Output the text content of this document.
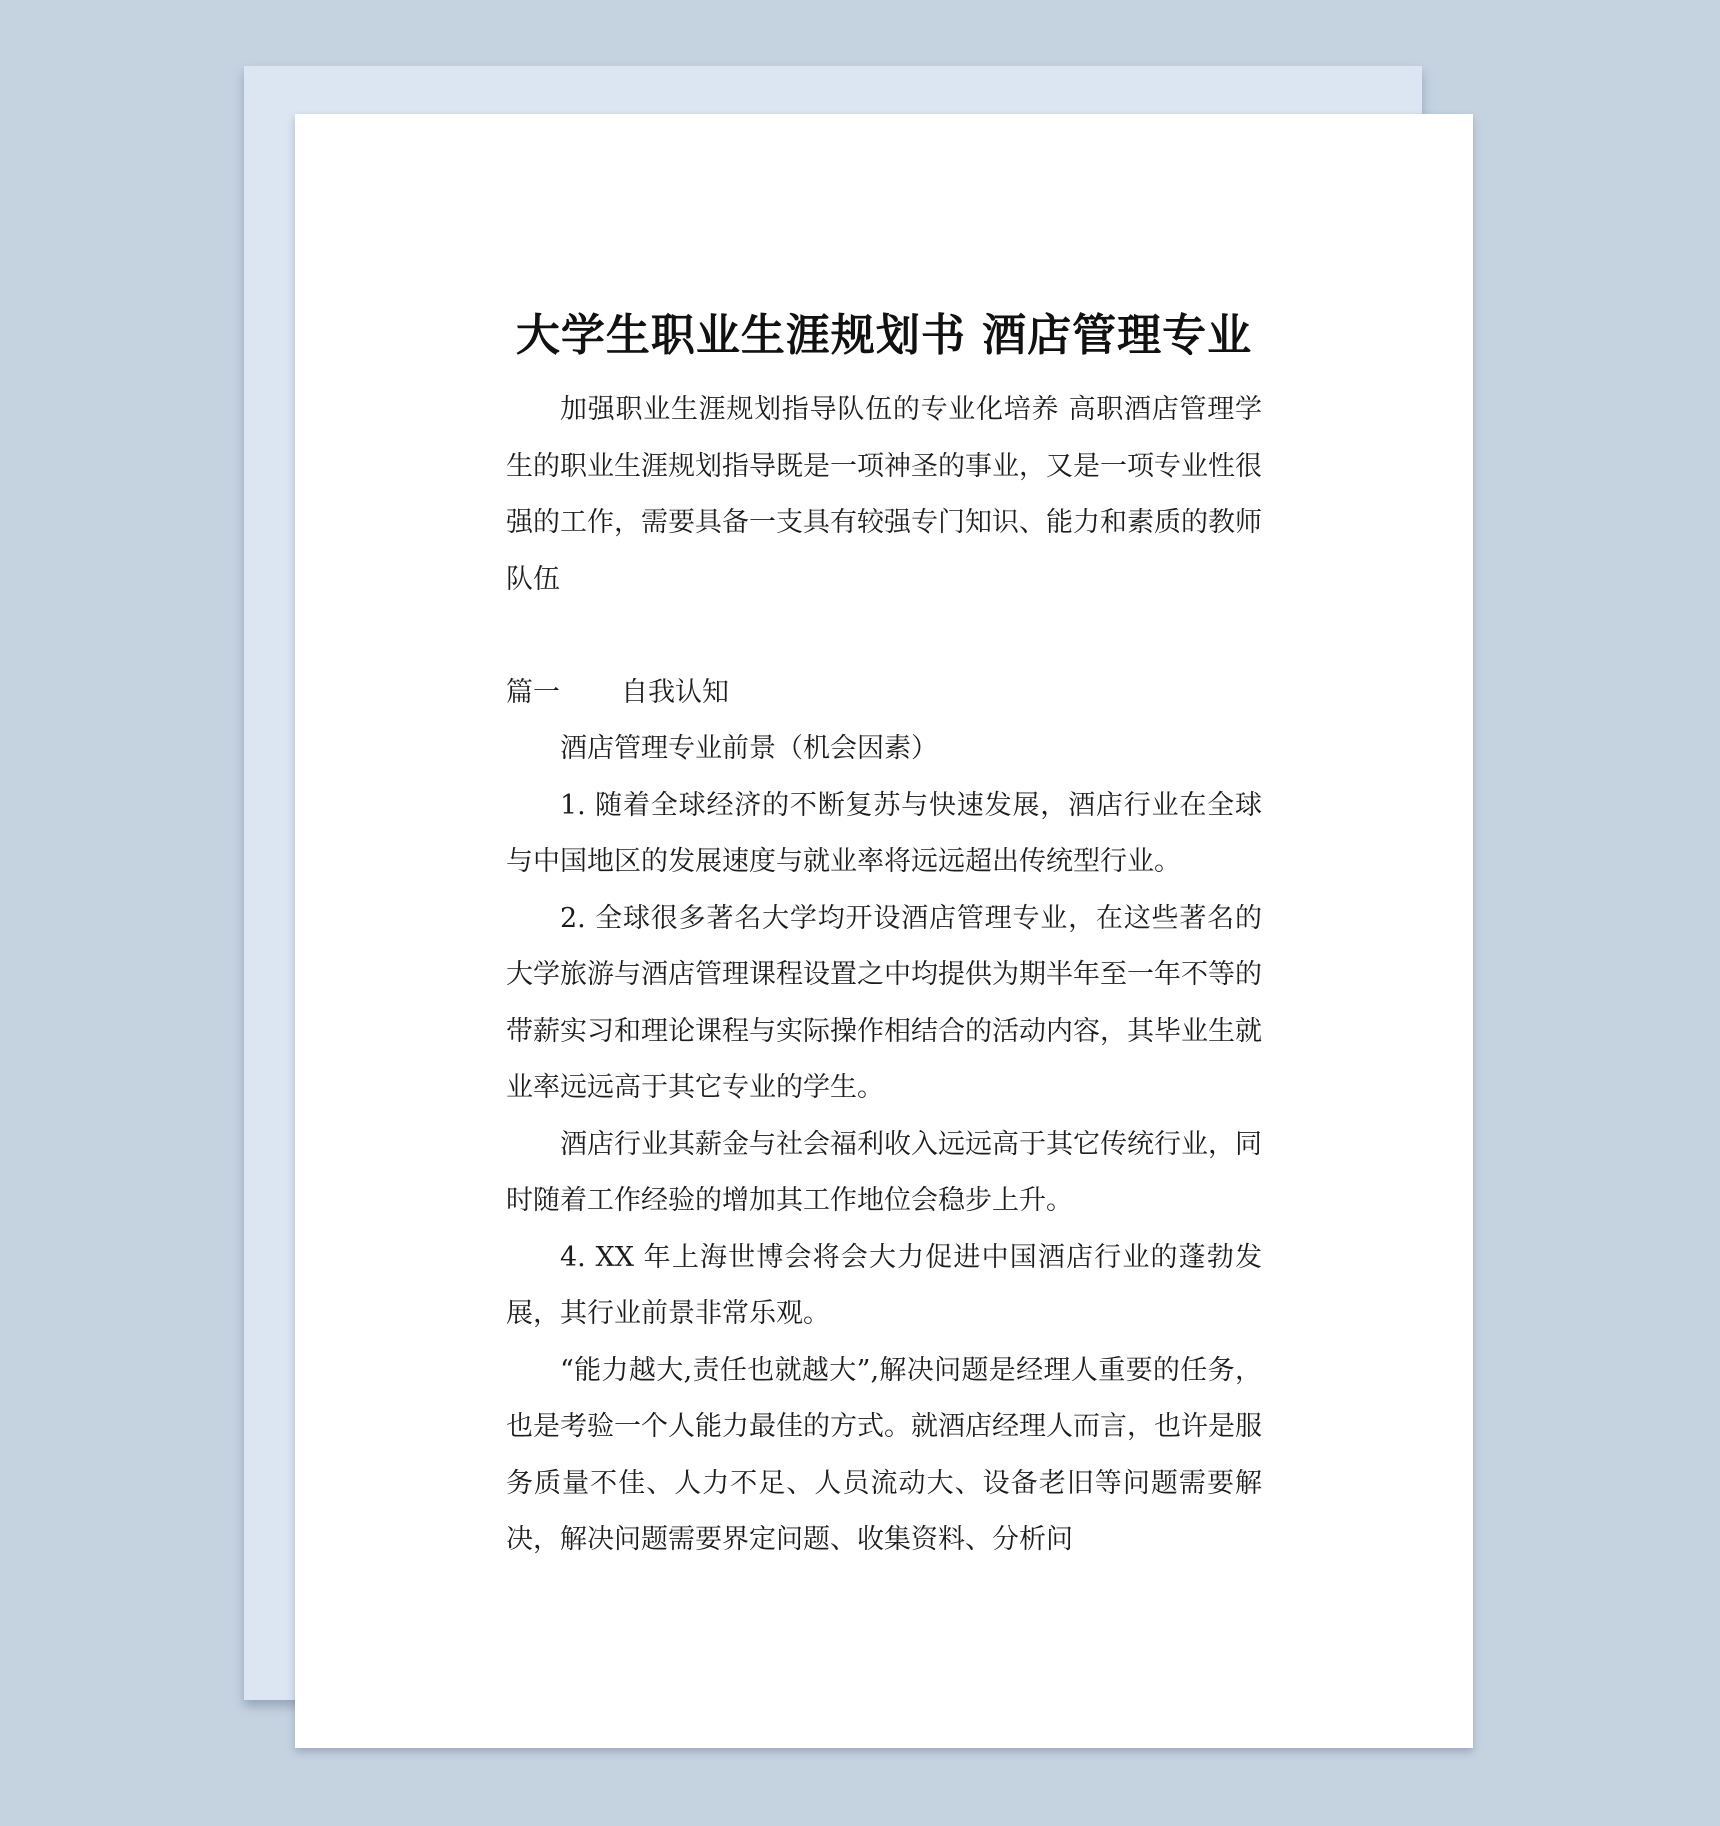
大学生职业生涯规划书 酒店管理专业

加强职业生涯规划指导队伍的专业化培养 高职酒店管理学生的职业生涯规划指导既是一项神圣的事业，又是一项专业性很强的工作，需要具备一支具有较强专门知识、能力和素质的教师队伍

篇一 自我认知

酒店管理专业前景（机会因素）

1. 随着全球经济的不断复苏与快速发展，酒店行业在全球与中国地区的发展速度与就业率将远远超出传统型行业。

2. 全球很多著名大学均开设酒店管理专业，在这些著名的大学旅游与酒店管理课程设置之中均提供为期半年至一年不等的带薪实习和理论课程与实际操作相结合的活动内容，其毕业生就业率远远高于其它专业的学生。

酒店行业其薪金与社会福利收入远远高于其它传统行业，同时随着工作经验的增加其工作地位会稳步上升。

4. XX 年上海世博会将会大力促进中国酒店行业的蓬勃发展，其行业前景非常乐观。

“能力越大,责任也就越大”,解决问题是经理人重要的任务，也是考验一个人能力最佳的方式。就酒店经理人而言，也许是服务质量不佳、人力不足、人员流动大、设备老旧等问题需要解决，解决问题需要界定问题、收集资料、分析问
